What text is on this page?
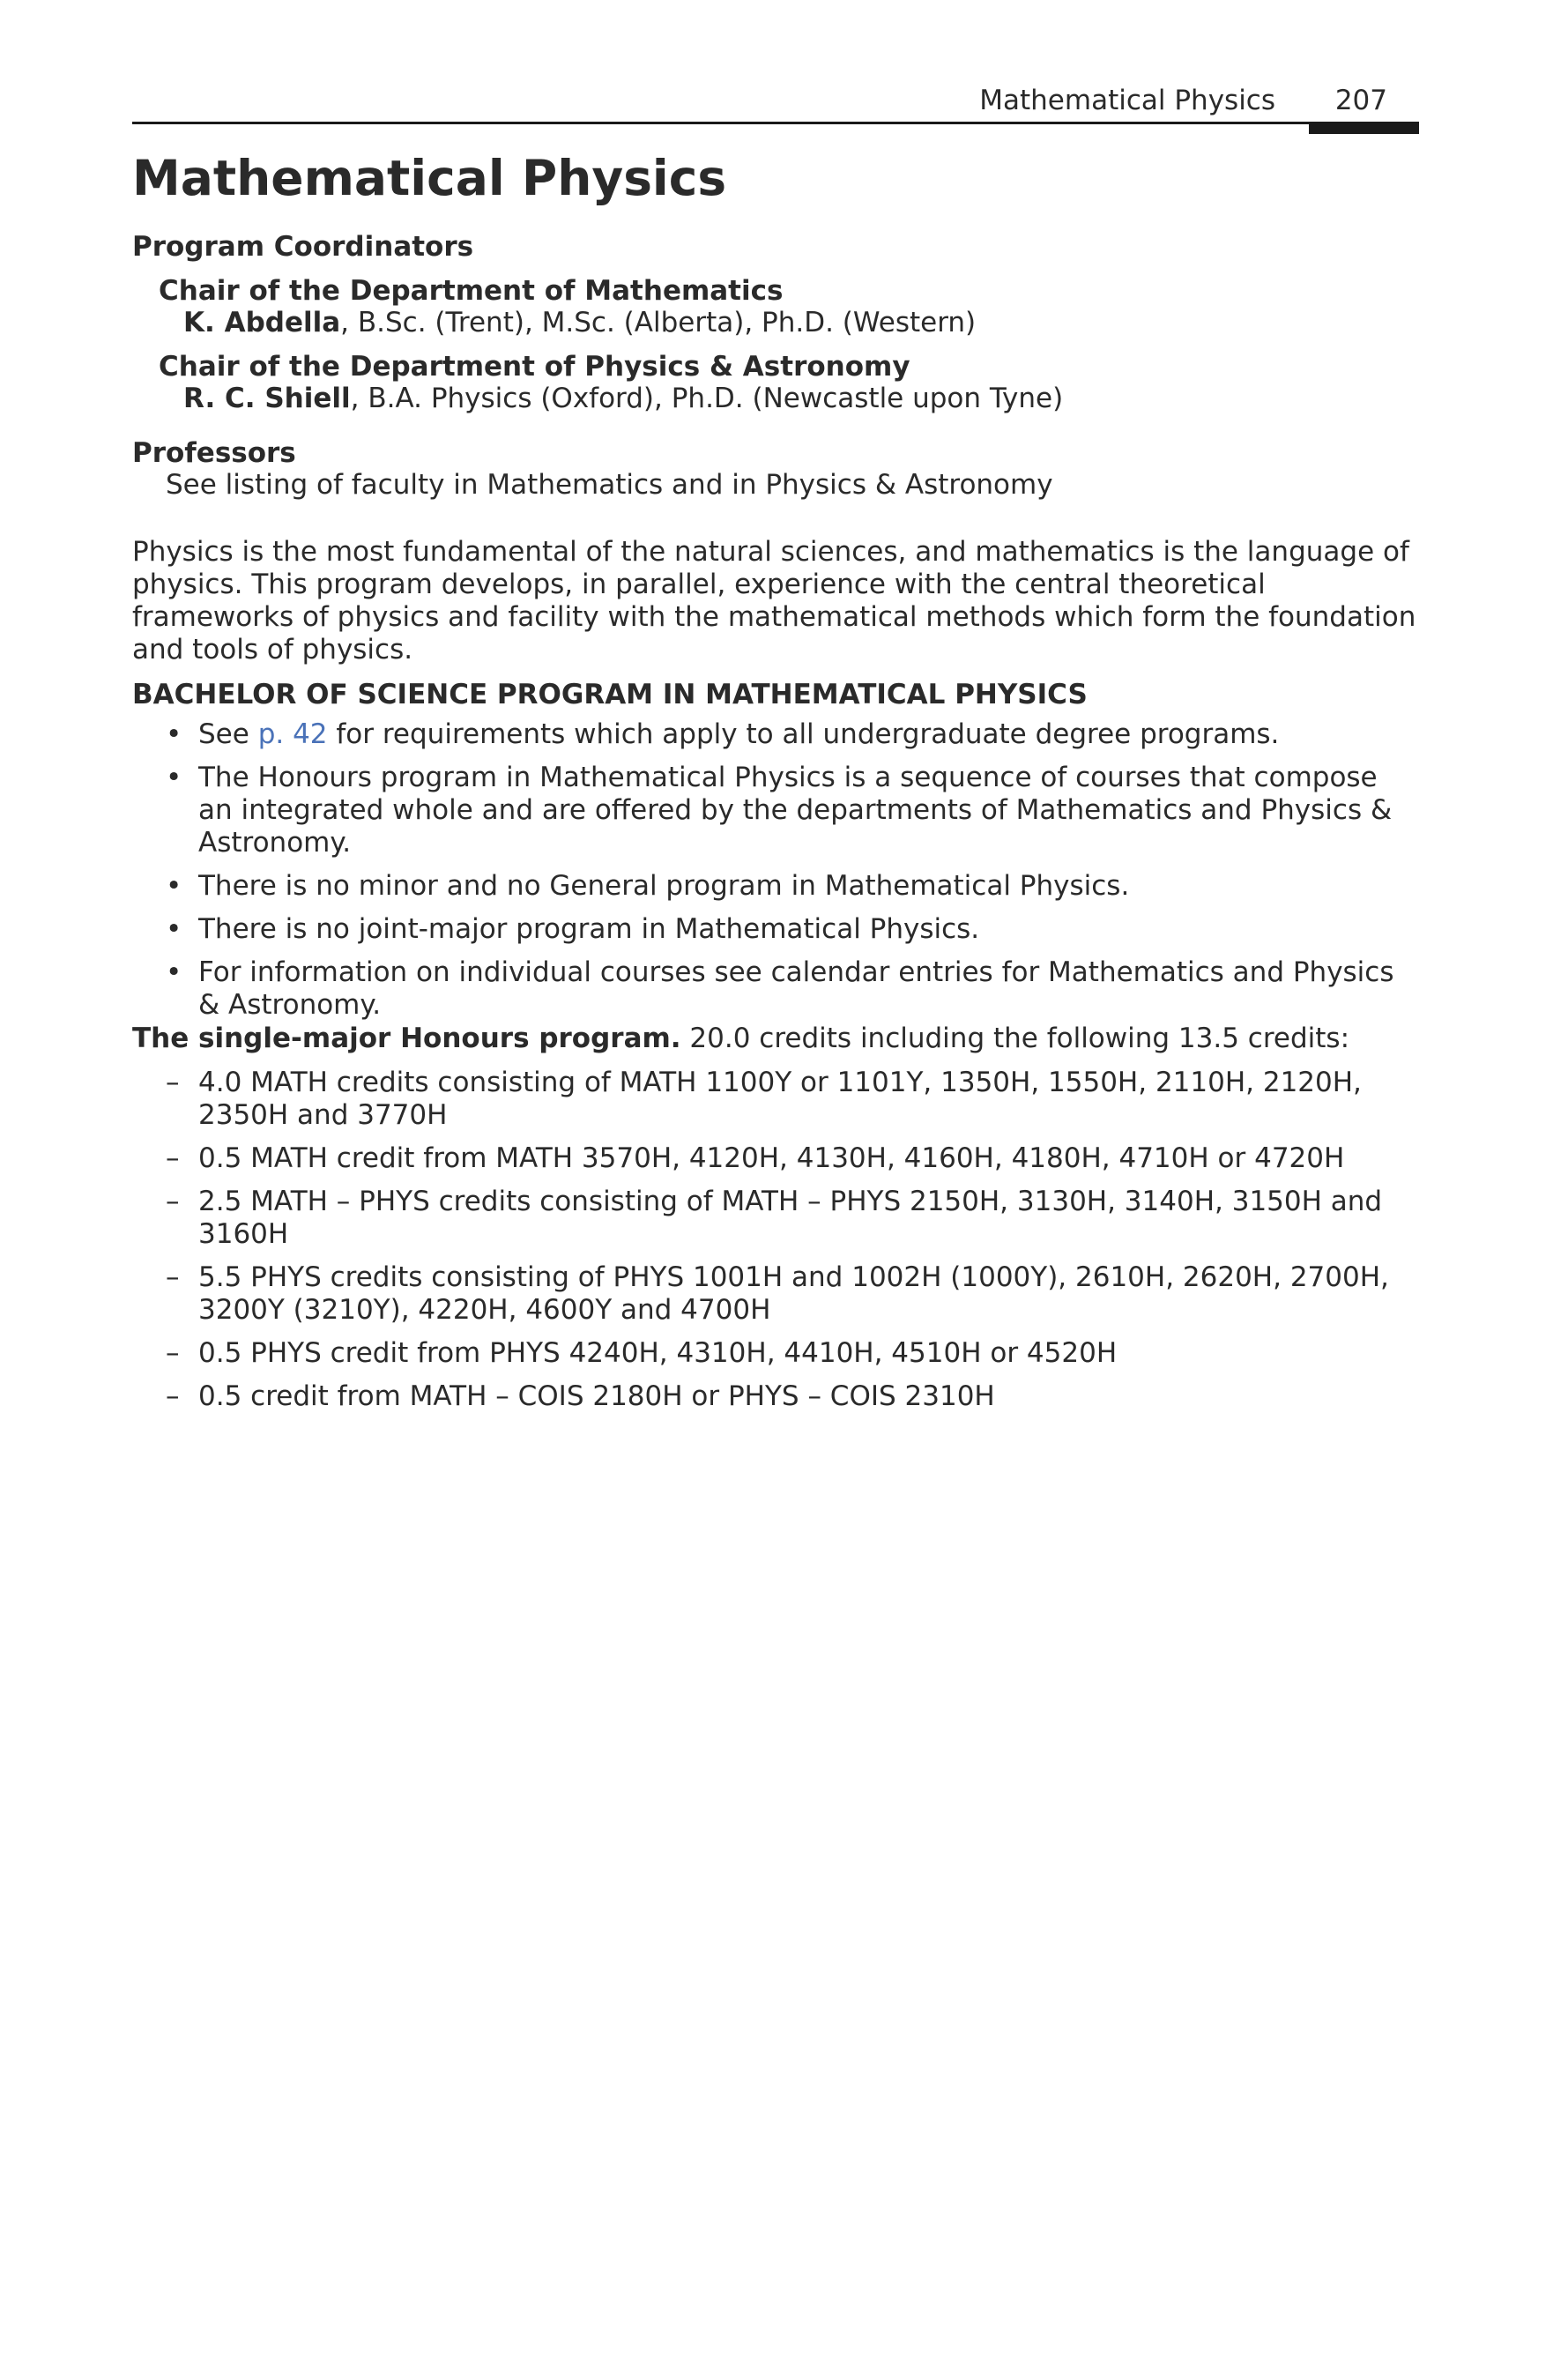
Mathematical Physics 207
Mathematical Physics
Program Coordinators
Chair of the Department of Mathematics
K. Abdella, B.Sc. (Trent), M.Sc. (Alberta), Ph.D. (Western)
Chair of the Department of Physics & Astronomy
R. C. Shiell, B.A. Physics (Oxford), Ph.D. (Newcastle upon Tyne)
Professors
See listing of faculty in Mathematics and in Physics & Astronomy
Physics is the most fundamental of the natural sciences, and mathematics is the language of physics. This program develops, in parallel, experience with the central theoretical frameworks of physics and facility with the mathematical methods which form the foundation and tools of physics.
BACHELOR OF SCIENCE PROGRAM IN MATHEMATICAL PHYSICS
• See p. 42 for requirements which apply to all undergraduate degree programs.
• The Honours program in Mathematical Physics is a sequence of courses that compose an integrated whole and are offered by the departments of Mathematics and Physics & Astronomy.
• There is no minor and no General program in Mathematical Physics.
• There is no joint-major program in Mathematical Physics.
• For information on individual courses see calendar entries for Mathematics and Physics & Astronomy.
The single-major Honours program. 20.0 credits including the following 13.5 credits:
– 4.0 MATH credits consisting of MATH 1100Y or 1101Y, 1350H, 1550H, 2110H, 2120H, 2350H and 3770H
– 0.5 MATH credit from MATH 3570H, 4120H, 4130H, 4160H, 4180H, 4710H or 4720H
– 2.5 MATH – PHYS credits consisting of MATH – PHYS 2150H, 3130H, 3140H, 3150H and 3160H
– 5.5 PHYS credits consisting of PHYS 1001H and 1002H (1000Y), 2610H, 2620H, 2700H, 3200Y (3210Y), 4220H, 4600Y and 4700H
– 0.5 PHYS credit from PHYS 4240H, 4310H, 4410H, 4510H or 4520H
– 0.5 credit from MATH – COIS 2180H or PHYS – COIS 2310H
